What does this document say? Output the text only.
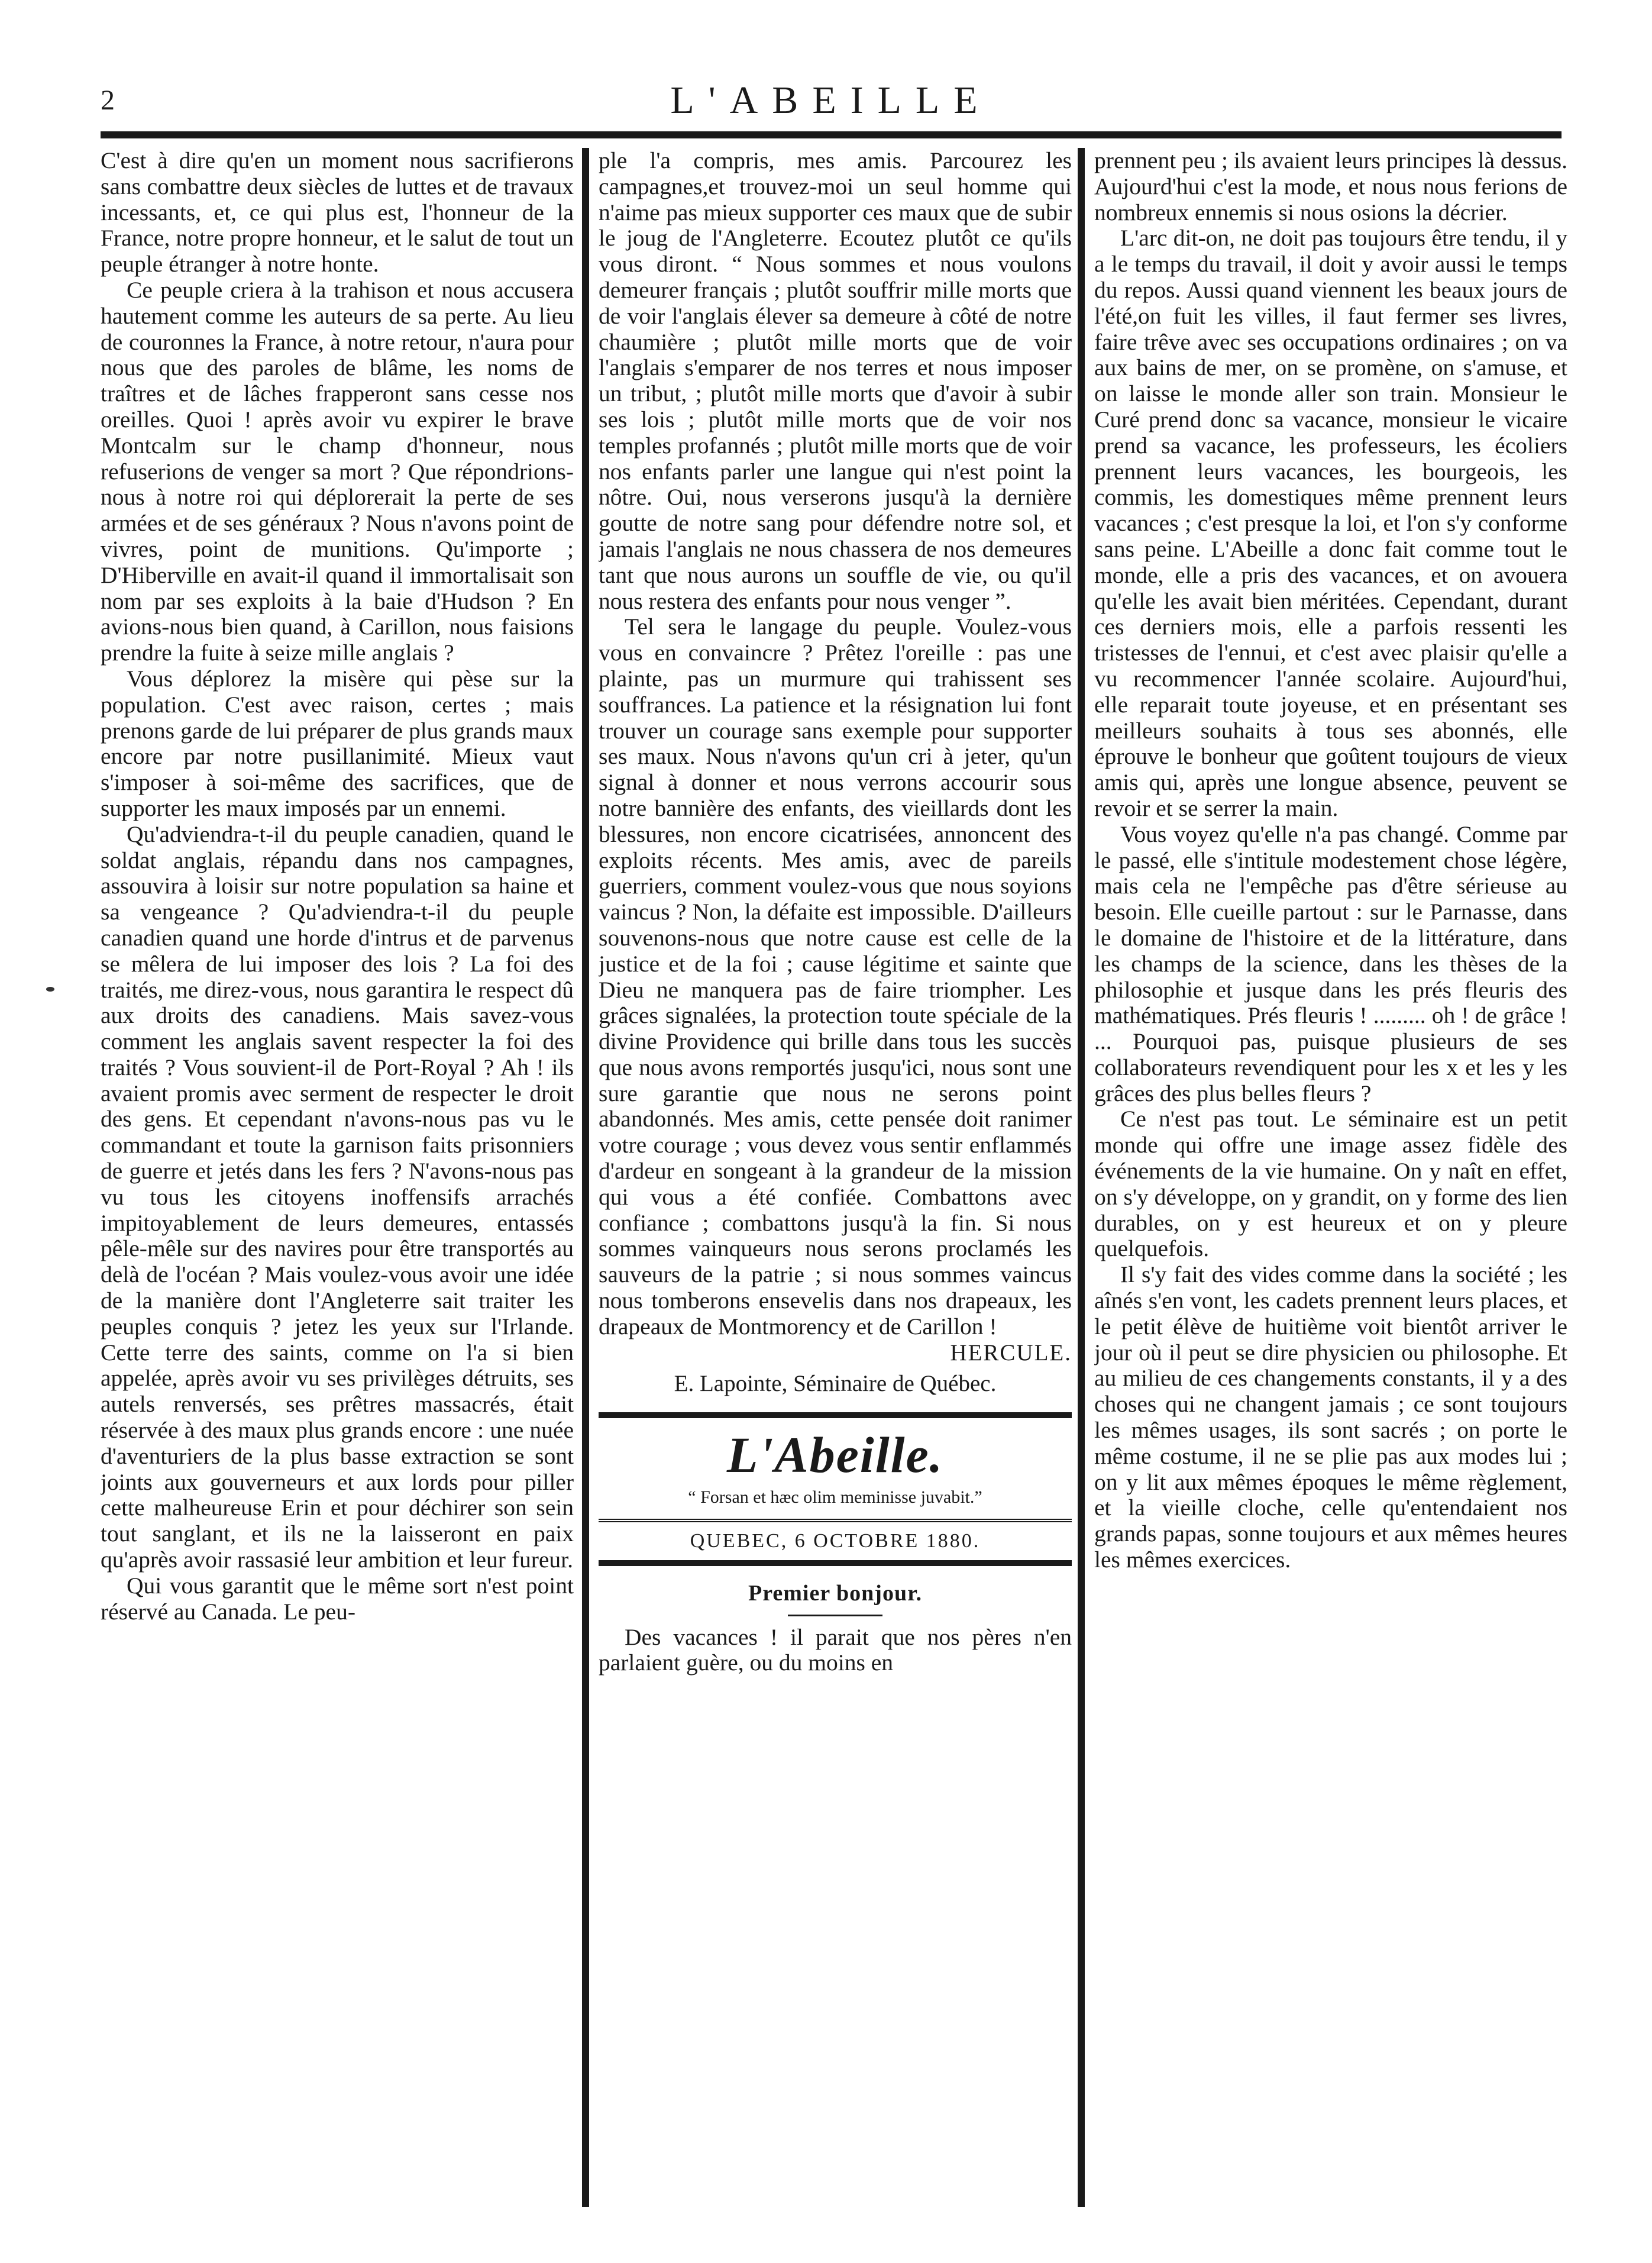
2	L'ABEILLE

C'est à dire qu'en un moment nous sacrifierons sans combattre deux siècles de luttes et de travaux incessants, et, ce qui plus est, l'honneur de la France, notre propre honneur, et le salut de tout un peuple étranger à notre honte.

Ce peuple criera à la trahison et nous accusera hautement comme les auteurs de sa perte. Au lieu de couronnes la France, à notre retour, n'aura pour nous que des paroles de blâme, les noms de traîtres et de lâches frapperont sans cesse nos oreilles. Quoi ! après avoir vu expirer le brave Montcalm sur le champ d'honneur, nous refuserions de venger sa mort ? Que répondrions-nous à notre roi qui déplorerait la perte de ses armées et de ses généraux ? Nous n'avons point de vivres, point de munitions. Qu'importe ; D'Hiberville en avait-il quand il immortalisait son nom par ses exploits à la baie d'Hudson ? En avions-nous bien quand, à Carillon, nous faisions prendre la fuite à seize mille anglais ?

Vous déplorez la misère qui pèse sur la population. C'est avec raison, certes ; mais prenons garde de lui préparer de plus grands maux encore par notre pusillanimité. Mieux vaut s'imposer à soi-même des sacrifices, que de supporter les maux imposés par un ennemi.

Qu'adviendra-t-il du peuple canadien, quand le soldat anglais, répandu dans nos campagnes, assouvira à loisir sur notre population sa haine et sa vengeance ? Qu'adviendra-t-il du peuple canadien quand une horde d'intrus et de parvenus se mêlera de lui imposer des lois ? La foi des traités, me direz-vous, nous garantira le respect dû aux droits des canadiens. Mais savez-vous comment les anglais savent respecter la foi des traités ? Vous souvient-il de Port-Royal ? Ah ! ils avaient promis avec serment de respecter le droit des gens. Et cependant n'avons-nous pas vu le commandant et toute la garnison faits prisonniers de guerre et jetés dans les fers ? N'avons-nous pas vu tous les citoyens inoffensifs arrachés impitoyablement de leurs demeures, entassés pêle-mêle sur des navires pour être transportés au delà de l'océan ? Mais voulez-vous avoir une idée de la manière dont l'Angleterre sait traiter les peuples conquis ? jetez les yeux sur l'Irlande. Cette terre des saints, comme on l'a si bien appelée, après avoir vu ses privilèges détruits, ses autels renversés, ses prêtres massacrés, était réservée à des maux plus grands encore : une nuée d'aventuriers de la plus basse extraction se sont joints aux gouverneurs et aux lords pour piller cette malheureuse Erin et pour déchirer son sein tout sanglant, et ils ne la laisseront en paix qu'après avoir rassasié leur ambition et leur fureur.

Qui vous garantit que le même sort n'est point réservé au Canada. Le peu-

ple l'a compris, mes amis. Parcourez les campagnes,et trouvez-moi un seul homme qui n'aime pas mieux supporter ces maux que de subir le joug de l'Angleterre. Ecoutez plutôt ce qu'ils vous diront. “ Nous sommes et nous voulons demeurer français ; plutôt souffrir mille morts que de voir l'anglais élever sa demeure à côté de notre chaumière ; plutôt mille morts que de voir l'anglais s'emparer de nos terres et nous imposer un tribut, ; plutôt mille morts que d'avoir à subir ses lois ; plutôt mille morts que de voir nos temples profannés ; plutôt mille morts que de voir nos enfants parler une langue qui n'est point la nôtre. Oui, nous verserons jusqu'à la dernière goutte de notre sang pour défendre notre sol, et jamais l'anglais ne nous chassera de nos demeures tant que nous aurons un souffle de vie, ou qu'il nous restera des enfants pour nous venger ”.

Tel sera le langage du peuple. Voulez-vous vous en convaincre ? Prêtez l'oreille : pas une plainte, pas un murmure qui trahissent ses souffrances. La patience et la résignation lui font trouver un courage sans exemple pour supporter ses maux. Nous n'avons qu'un cri à jeter, qu'un signal à donner et nous verrons accourir sous notre bannière des enfants, des vieillards dont les blessures, non encore cicatrisées, annoncent des exploits récents. Mes amis, avec de pareils guerriers, comment voulez-vous que nous soyions vaincus ? Non, la défaite est impossible. D'ailleurs souvenons-nous que notre cause est celle de la justice et de la foi ; cause légitime et sainte que Dieu ne manquera pas de faire triompher. Les grâces signalées, la protection toute spéciale de la divine Providence qui brille dans tous les succès que nous avons remportés jusqu'ici, nous sont une sure garantie que nous ne serons point abandonnés. Mes amis, cette pensée doit ranimer votre courage ; vous devez vous sentir enflammés d'ardeur en songeant à la grandeur de la mission qui vous a été confiée. Combattons avec confiance ; combattons jusqu'à la fin. Si nous sommes vainqueurs nous serons proclamés les sauveurs de la patrie ; si nous sommes vaincus nous tomberons ensevelis dans nos drapeaux, les drapeaux de Montmorency et de Carillon !

HERCULE.
E. Lapointe, Séminaire de Québec.
L'Abeille.
“ Forsan et hæc olim meminisse juvabit.”
QUEBEC, 6 OCTOBRE 1880.
Premier bonjour.

Des vacances ! il parait que nos pères n'en parlaient guère, ou du moins en

prennent peu ; ils avaient leurs principes là dessus. Aujourd'hui c'est la mode, et nous nous ferions de nombreux ennemis si nous osions la décrier.

L'arc dit-on, ne doit pas toujours être tendu, il y a le temps du travail, il doit y avoir aussi le temps du repos. Aussi quand viennent les beaux jours de l'été,on fuit les villes, il faut fermer ses livres, faire trêve avec ses occupations ordinaires ; on va aux bains de mer, on se promène, on s'amuse, et on laisse le monde aller son train. Monsieur le Curé prend donc sa vacance, monsieur le vicaire prend sa vacance, les professeurs, les écoliers prennent leurs vacances, les bourgeois, les commis, les domestiques même prennent leurs vacances ; c'est presque la loi, et l'on s'y conforme sans peine. L'Abeille a donc fait comme tout le monde, elle a pris des vacances, et on avouera qu'elle les avait bien méritées. Cependant, durant ces derniers mois, elle a parfois ressenti les tristesses de l'ennui, et c'est avec plaisir qu'elle a vu recommencer l'année scolaire. Aujourd'hui, elle reparait toute joyeuse, et en présentant ses meilleurs souhaits à tous ses abonnés, elle éprouve le bonheur que goûtent toujours de vieux amis qui, après une longue absence, peuvent se revoir et se serrer la main.

Vous voyez qu'elle n'a pas changé. Comme par le passé, elle s'intitule modestement chose légère, mais cela ne l'empêche pas d'être sérieuse au besoin. Elle cueille partout : sur le Parnasse, dans le domaine de l'histoire et de la littérature, dans les champs de la science, dans les thèses de la philosophie et jusque dans les prés fleuris des mathématiques. Prés fleuris ! ......... oh ! de grâce ! ... Pourquoi pas, puisque plusieurs de ses collaborateurs revendiquent pour les x et les y les grâces des plus belles fleurs ?

Ce n'est pas tout. Le séminaire est un petit monde qui offre une image assez fidèle des événements de la vie humaine. On y naît en effet, on s'y développe, on y grandit, on y forme des lien durables, on y est heureux et on y pleure quelquefois.

Il s'y fait des vides comme dans la société ; les aînés s'en vont, les cadets prennent leurs places, et le petit élève de huitième voit bientôt arriver le jour où il peut se dire physicien ou philosophe. Et au milieu de ces changements constants, il y a des choses qui ne changent jamais ; ce sont toujours les mêmes usages, ils sont sacrés ; on porte le même costume, il ne se plie pas aux modes lui ; on y lit aux mêmes époques le même règlement, et la vieille cloche, celle qu'entendaient nos grands papas, sonne toujours et aux mêmes heures les mêmes exercices.
